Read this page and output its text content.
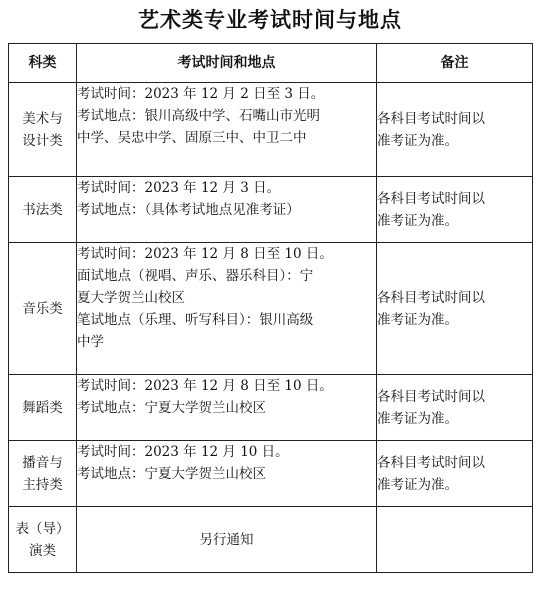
艺术类专业考试时间与地点
科类	考试时间和地点	备注

美术与
设计类	考试时间：2023 年 12 月 2 日至 3 日。
考试地点：银川高级中学、石嘴山市光明
中学、吴忠中学、固原三中、中卫二中	各科目考试时间以
准考证为准。

书法类	考试时间：2023 年 12 月 3 日。
考试地点：（具体考试地点见准考证）	各科目考试时间以
准考证为准。

音乐类	考试时间：2023 年 12 月 8 日至 10 日。
面试地点（视唱、声乐、器乐科目）：宁
夏大学贺兰山校区
笔试地点（乐理、听写科目）：银川高级
中学	各科目考试时间以
准考证为准。

舞蹈类	考试时间：2023 年 12 月 8 日至 10 日。
考试地点：宁夏大学贺兰山校区	各科目考试时间以
准考证为准。

播音与
主持类	考试时间：2023 年 12 月 10 日。
考试地点：宁夏大学贺兰山校区	各科目考试时间以
准考证为准。

表（导）
演类	另行通知	
